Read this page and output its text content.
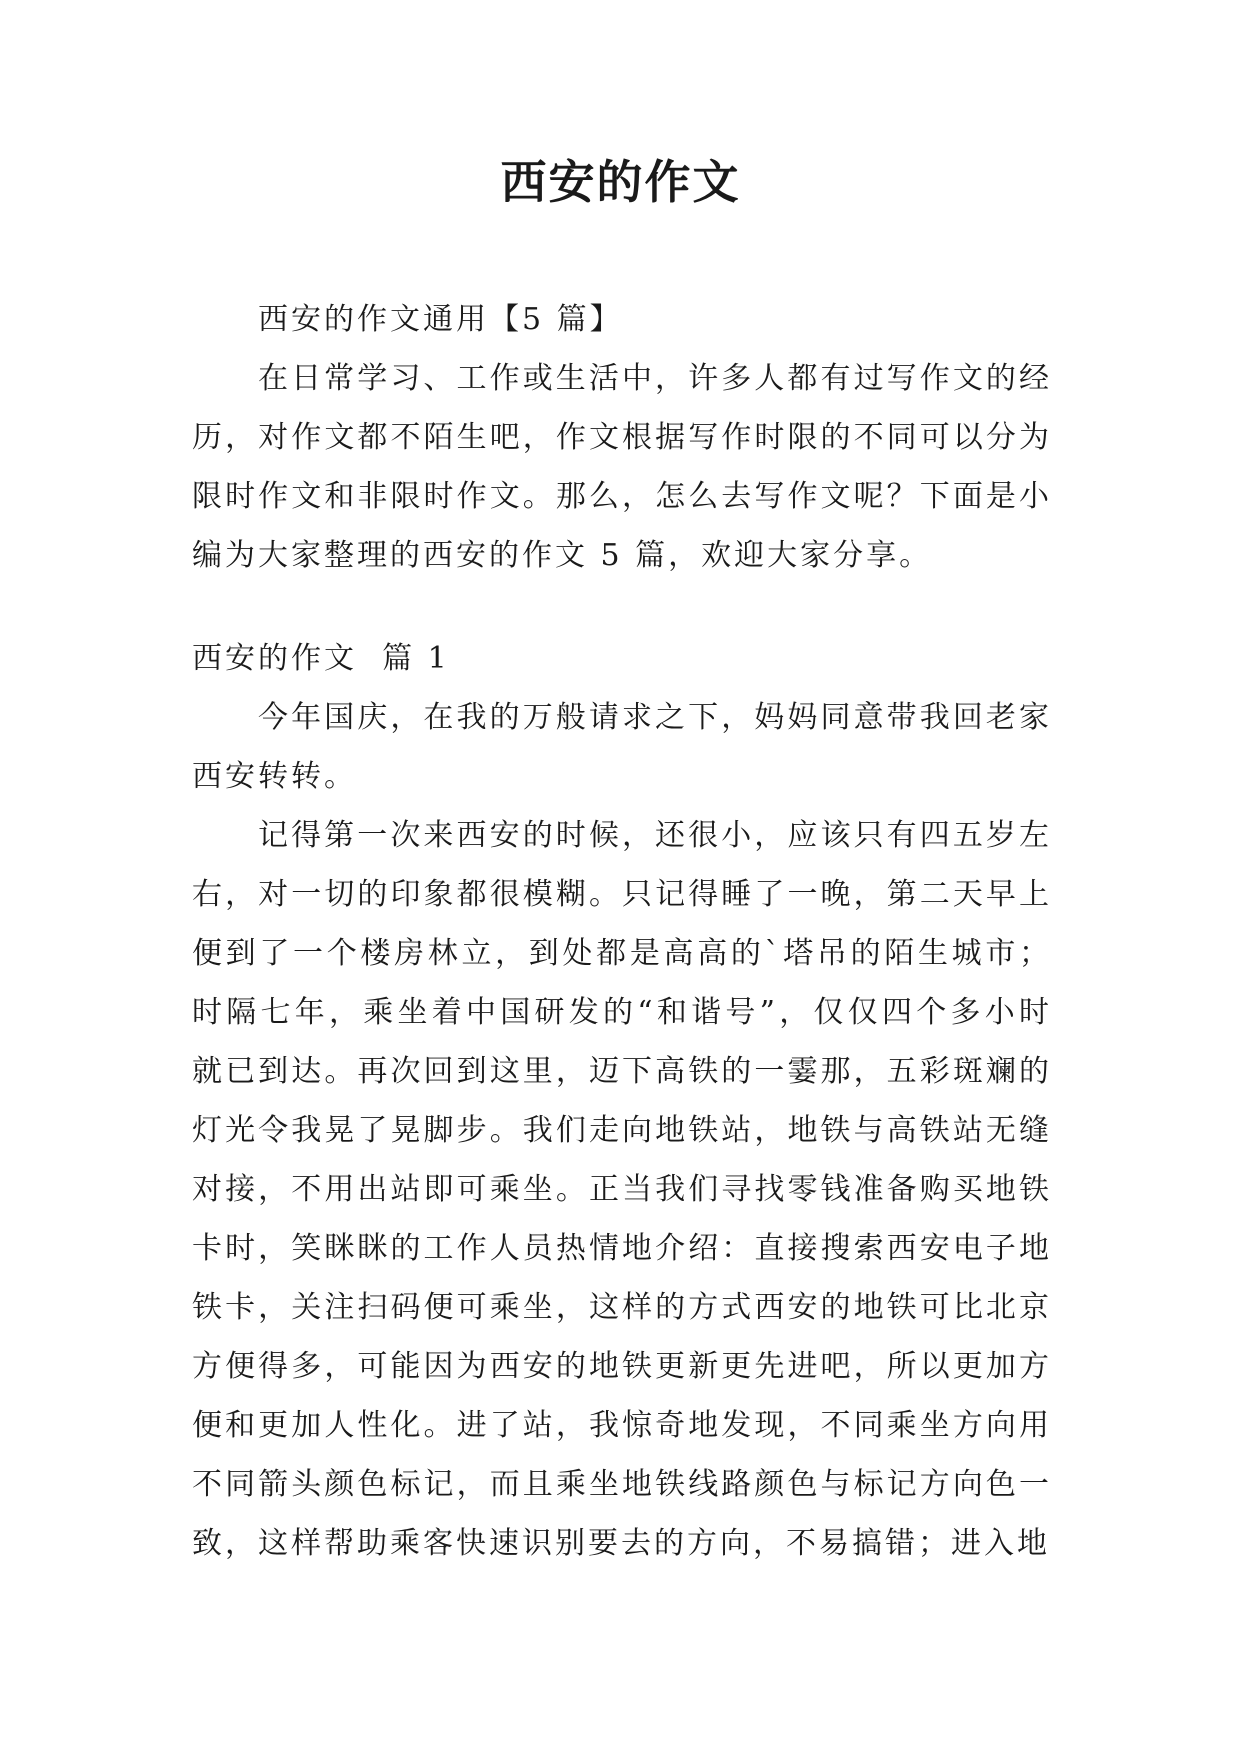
西安的作文

西安的作文通用【5 篇】

在日常学习、工作或生活中，许多人都有过写作文的经历，对作文都不陌生吧，作文根据写作时限的不同可以分为限时作文和非限时作文。那么，怎么去写作文呢？下面是小编为大家整理的西安的作文 5 篇，欢迎大家分享。

西安的作文  篇 1

今年国庆，在我的万般请求之下，妈妈同意带我回老家西安转转。

记得第一次来西安的时候，还很小，应该只有四五岁左右，对一切的印象都很模糊。只记得睡了一晚，第二天早上便到了一个楼房林立，到处都是高高的`塔吊的陌生城市；时隔七年，乘坐着中国研发的“和谐号”，仅仅四个多小时就已到达。再次回到这里，迈下高铁的一霎那，五彩斑斓的灯光令我晃了晃脚步。我们走向地铁站，地铁与高铁站无缝对接，不用出站即可乘坐。正当我们寻找零钱准备购买地铁卡时，笑眯眯的工作人员热情地介绍：直接搜索西安电子地铁卡，关注扫码便可乘坐，这样的方式西安的地铁可比北京方便得多，可能因为西安的地铁更新更先进吧，所以更加方便和更加人性化。进了站，我惊奇地发现，不同乘坐方向用不同箭头颜色标记，而且乘坐地铁线路颜色与标记方向色一致，这样帮助乘客快速识别要去的方向，不易搞错；进入地
